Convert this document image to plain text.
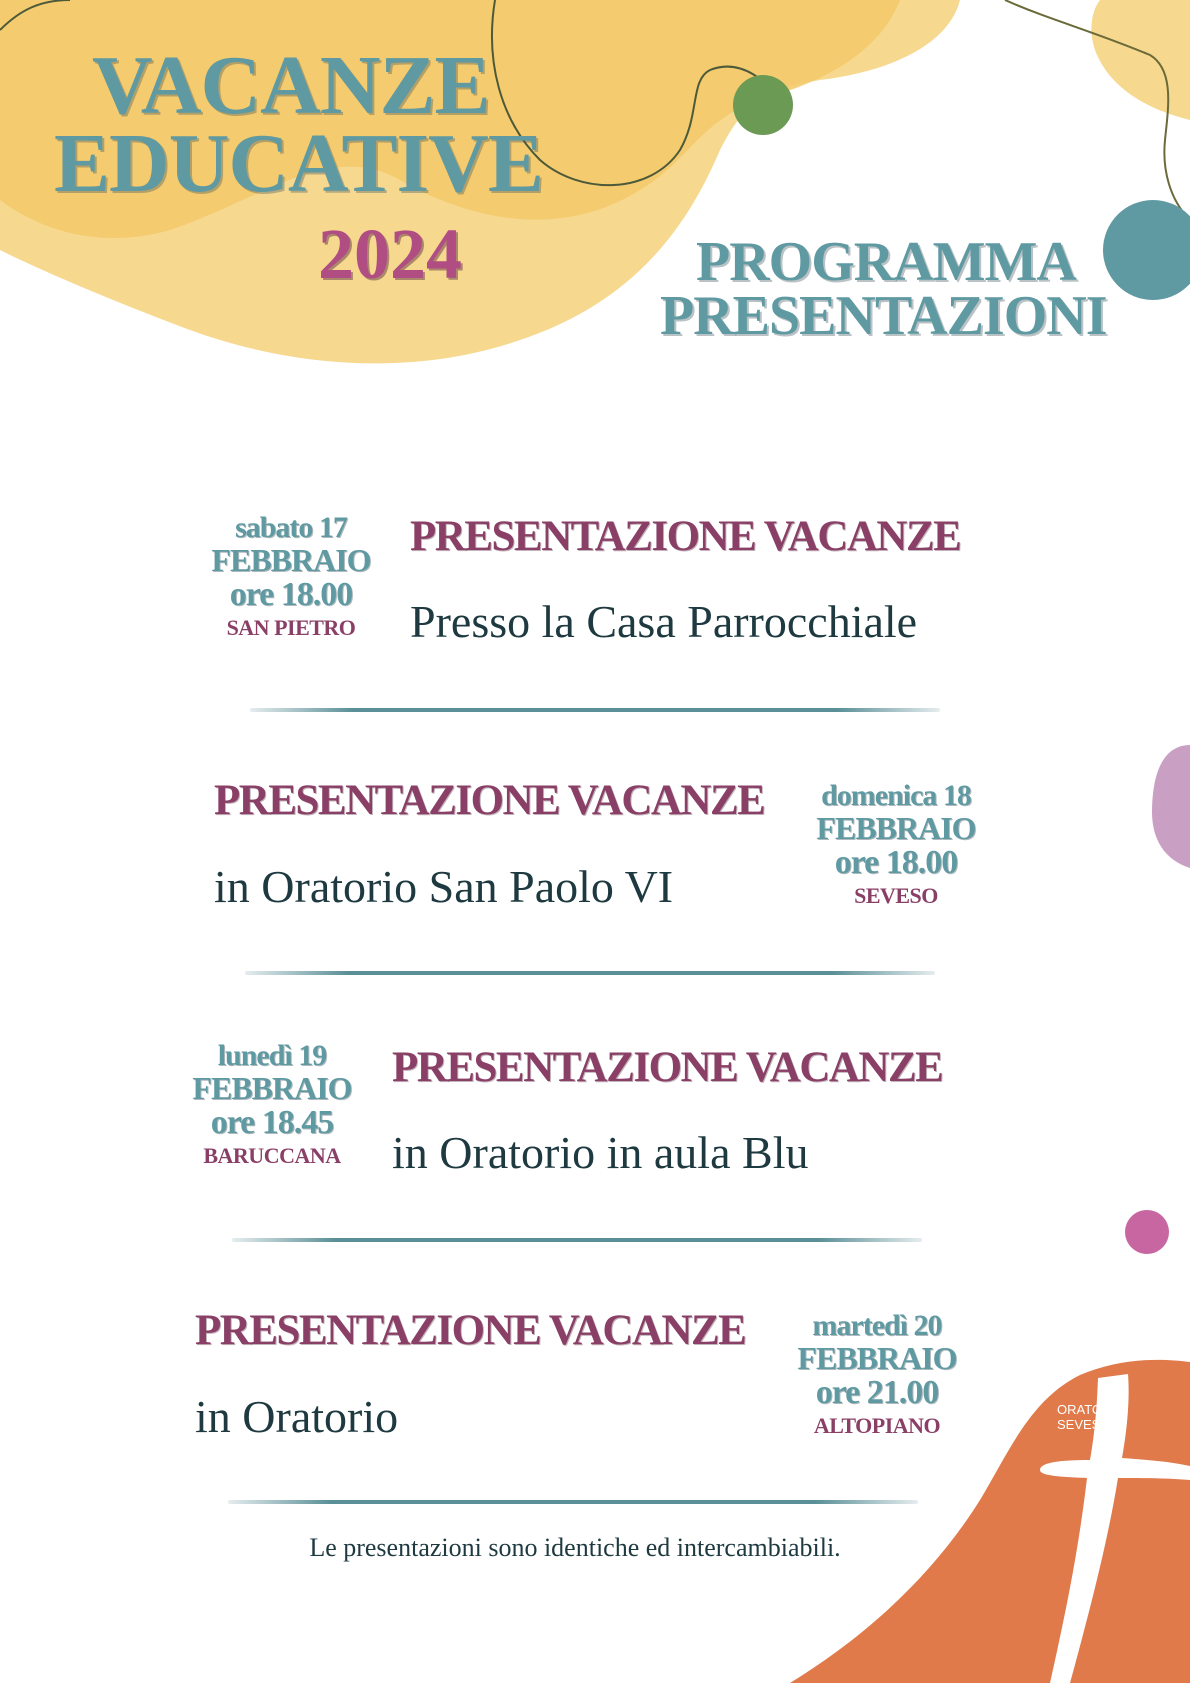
VACANZE
EDUCATIVE
2024	PROGRAMMA
PRESENTAZIONI
sabato 17
FEBBRAIO
ore 18.00
SAN PIETRO
PRESENTAZIONE VACANZE
Presso la Casa Parrocchiale
PRESENTAZIONE VACANZE
in Oratorio San Paolo VI
domenica 18
FEBBRAIO
ore 18.00
SEVESO
lunedì 19
FEBBRAIO
ore 18.45
BARUCCANA
PRESENTAZIONE VACANZE
in Oratorio in aula Blu
PRESENTAZIONE VACANZE
in Oratorio
martedì 20
FEBBRAIO
ore 21.00
ALTOPIANO
Le presentazioni sono identiche ed intercambiabili.
ORATORI
SEVESO
